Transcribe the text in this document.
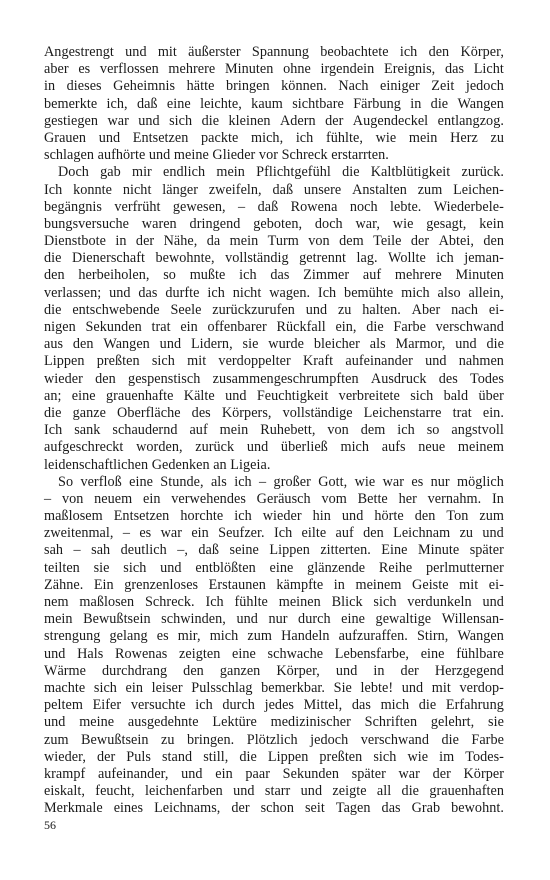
Angestrengt und mit äußerster Spannung beobachtete ich den Körper,
aber es verflossen mehrere Minuten ohne irgendein Ereignis, das Licht
in dieses Geheimnis hätte bringen können. Nach einiger Zeit jedoch
bemerkte ich, daß eine leichte, kaum sichtbare Färbung in die Wangen
gestiegen war und sich die kleinen Adern der Augendeckel entlangzog.
Grauen und Entsetzen packte mich, ich fühlte, wie mein Herz zu
schlagen aufhörte und meine Glieder vor Schreck erstarrten.
Doch gab mir endlich mein Pflichtgefühl die Kaltblütigkeit zurück.
Ich konnte nicht länger zweifeln, daß unsere Anstalten zum Leichen-
begängnis verfrüht gewesen, – daß Rowena noch lebte. Wiederbele-
bungsversuche waren dringend geboten, doch war, wie gesagt, kein
Dienstbote in der Nähe, da mein Turm von dem Teile der Abtei, den
die Dienerschaft bewohnte, vollständig getrennt lag. Wollte ich jeman-
den herbeiholen, so mußte ich das Zimmer auf mehrere Minuten
verlassen; und das durfte ich nicht wagen. Ich bemühte mich also allein,
die entschwebende Seele zurückzurufen und zu halten. Aber nach ei-
nigen Sekunden trat ein offenbarer Rückfall ein, die Farbe verschwand
aus den Wangen und Lidern, sie wurde bleicher als Marmor, und die
Lippen preßten sich mit verdoppelter Kraft aufeinander und nahmen
wieder den gespenstisch zusammengeschrumpften Ausdruck des Todes
an; eine grauenhafte Kälte und Feuchtigkeit verbreitete sich bald über
die ganze Oberfläche des Körpers, vollständige Leichenstarre trat ein.
Ich sank schaudernd auf mein Ruhebett, von dem ich so angstvoll
aufgeschreckt worden, zurück und überließ mich aufs neue meinem
leidenschaftlichen Gedenken an Ligeia.
So verfloß eine Stunde, als ich – großer Gott, wie war es nur möglich
– von neuem ein verwehendes Geräusch vom Bette her vernahm. In
maßlosem Entsetzen horchte ich wieder hin und hörte den Ton zum
zweitenmal, – es war ein Seufzer. Ich eilte auf den Leichnam zu und
sah – sah deutlich –, daß seine Lippen zitterten. Eine Minute später
teilten sie sich und entblößten eine glänzende Reihe perlmutterner
Zähne. Ein grenzenloses Erstaunen kämpfte in meinem Geiste mit ei-
nem maßlosen Schreck. Ich fühlte meinen Blick sich verdunkeln und
mein Bewußtsein schwinden, und nur durch eine gewaltige Willensan-
strengung gelang es mir, mich zum Handeln aufzuraffen. Stirn, Wangen
und Hals Rowenas zeigten eine schwache Lebensfarbe, eine fühlbare
Wärme durchdrang den ganzen Körper, und in der Herzgegend
machte sich ein leiser Pulsschlag bemerkbar. Sie lebte! und mit verdop-
peltem Eifer versuchte ich durch jedes Mittel, das mich die Erfahrung
und meine ausgedehnte Lektüre medizinischer Schriften gelehrt, sie
zum Bewußtsein zu bringen. Plötzlich jedoch verschwand die Farbe
wieder, der Puls stand still, die Lippen preßten sich wie im Todes-
krampf aufeinander, und ein paar Sekunden später war der Körper
eiskalt, feucht, leichenfarben und starr und zeigte all die grauenhaften
Merkmale eines Leichnams, der schon seit Tagen das Grab bewohnt.
56
